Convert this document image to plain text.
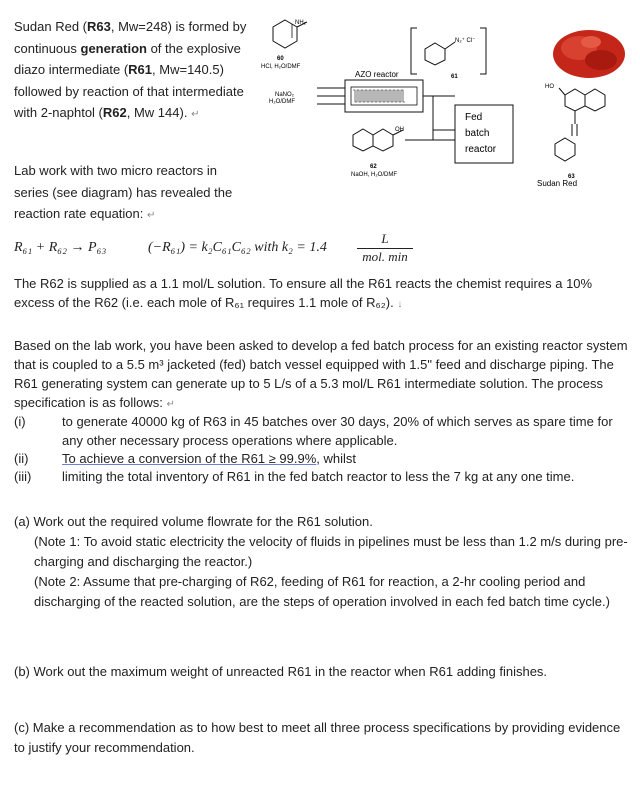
Sudan Red (R63, Mw=248) is formed by continuous generation of the explosive diazo intermediate (R61, Mw=140.5) followed by reaction of that intermediate with 2-naphtol (R62, Mw 144). ↵
Lab work with two micro reactors in series (see diagram) has revealed the reaction rate equation: ↵
NH₂
60
HCl, H₂O/DMF
NaNO₂
H₂O/DMF
AZO reactor
N₂⁺ Cl⁻
61
Fed
batch
reactor
OH
62
NaOH, H₂O/DMF
HO
63
Sudan Red
R₆₁ + R₆₂ → P₆₃	(−R₆₁) = k₂C₆₁C₆₂ with k₂ = 1.4
L
mol. min
The R62 is supplied as a 1.1 mol/L solution. To ensure all the R61 reacts the chemist requires a 10% excess of the R62 (i.e. each mole of R₆₁ requires 1.1 mole of R₆₂). ↓
Based on the lab work, you have been asked to develop a fed batch process for an existing reactor system that is coupled to a 5.5 m³ jacketed (fed) batch vessel equipped with 1.5" feed and discharge piping. The R61 generating system can generate up to 5 L/s of a 5.3 mol/L R61 intermediate solution. The process specification is as follows: ↵
(i)	to generate 40000 kg of R63 in 45 batches over 30 days, 20% of which serves as spare time for any other necessary process operations where applicable.
(ii)	To achieve a conversion of the R61 ≥ 99.9%, whilst
(iii)	limiting the total inventory of R61 in the fed batch reactor to less the 7 kg at any one time.
(a) Work out the required volume flowrate for the R61 solution.
(Note 1: To avoid static electricity the velocity of fluids in pipelines must be less than 1.2 m/s during pre-charging and discharging the reactor.)
(Note 2: Assume that pre-charging of R62, feeding of R61 for reaction, a 2-hr cooling period and discharging of the reacted solution, are the steps of operation involved in each fed batch time cycle.)
(b) Work out the maximum weight of unreacted R61 in the reactor when R61 adding finishes.
(c) Make a recommendation as to how best to meet all three process specifications by providing evidence to justify your recommendation.
